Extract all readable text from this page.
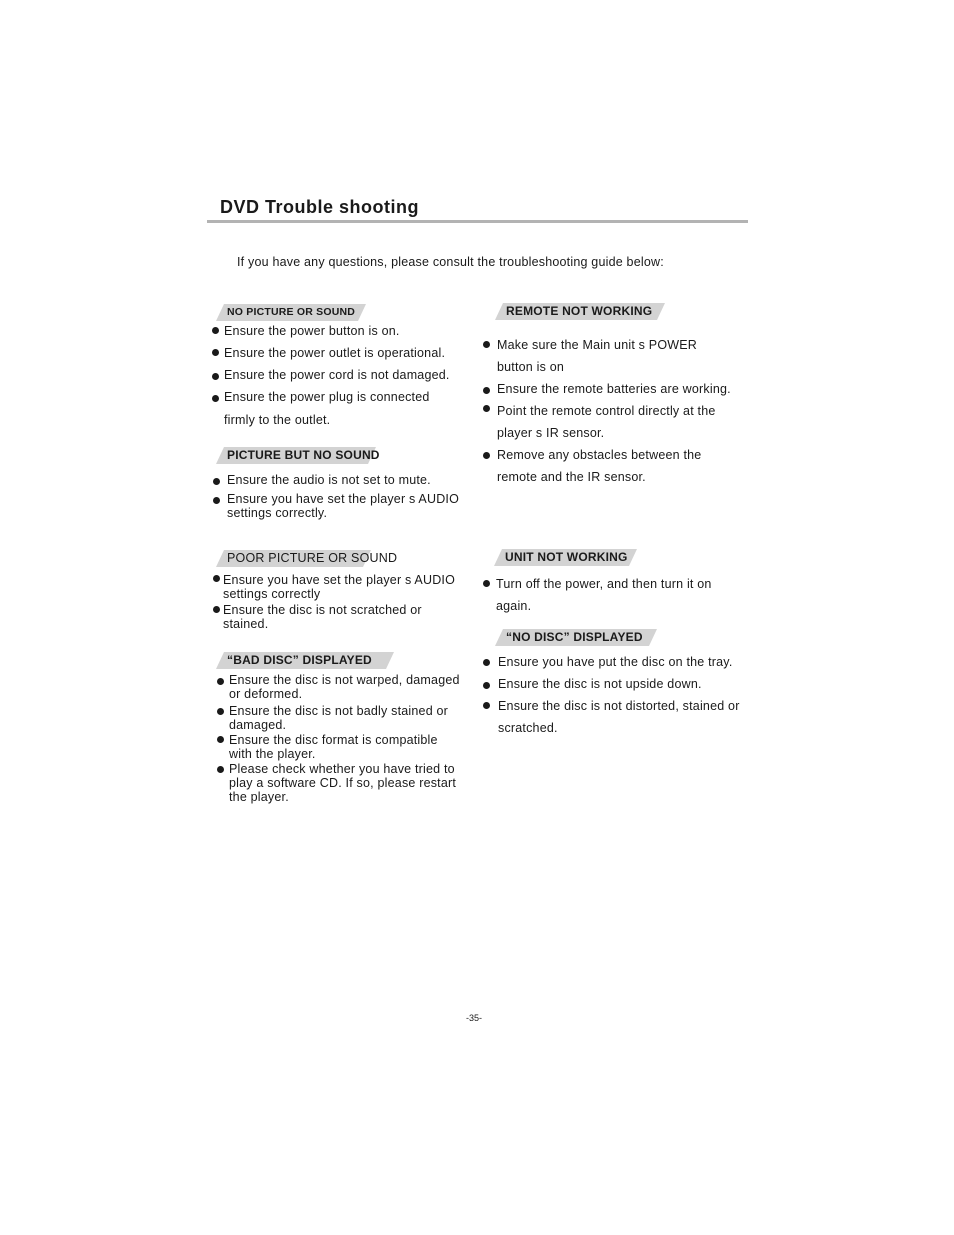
DVD Trouble shooting
If you have any questions, please consult the troubleshooting guide below:
NO PICTURE OR SOUND
Ensure the power button is on.
Ensure the power outlet is operational.
Ensure the power cord is not damaged.
Ensure the power plug is connected
firmly to the outlet.
PICTURE BUT NO SOUND
Ensure the audio is not set to mute.
Ensure you have set the player s AUDIO
settings correctly.
POOR PICTURE OR SOUND
Ensure you have set the player s AUDIO
settings correctly
Ensure the disc is not scratched or
stained.
“BAD DISC” DISPLAYED
Ensure the disc is not warped, damaged
or deformed.
Ensure the disc is not badly stained or
damaged.
Ensure the disc format is compatible
with the player.
Please check whether you have tried to
play a software CD. If so, please restart
the player.
REMOTE NOT WORKING
Make sure the Main unit s POWER
button is on
Ensure the remote batteries are working.
Point the remote control directly at the
player s IR sensor.
Remove any obstacles between the
remote and the IR sensor.
UNIT NOT WORKING
Turn off the power, and then turn it on
again.
“NO DISC” DISPLAYED
Ensure you have put the disc on the tray.
Ensure the disc is not upside down.
Ensure the disc is not distorted, stained or
scratched.
-35-
